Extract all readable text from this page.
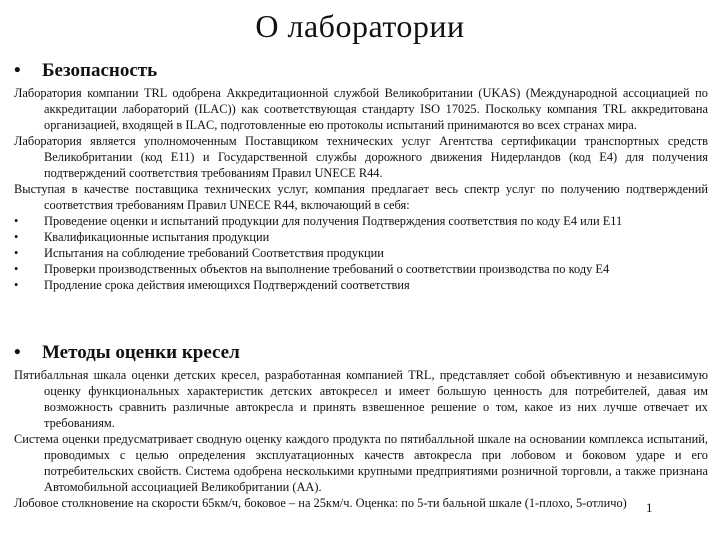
О лаборатории
• Безопасность

Лаборатория компании TRL одобрена Аккредитационной службой Великобритании (UKAS) (Международной ассоциацией по аккредитации лабораторий (ILAC)) как соответствующая стандарту ISO 17025. Поскольку компания TRL аккредитована организацией, входящей в ILAC, подготовленные ею протоколы испытаний принимаются во всех странах мира.

Лаборатория является уполномоченным Поставщиком технических услуг Агентства сертификации транспортных средств Великобритании (код E11) и Государственной службы дорожного движения Нидерландов (код E4) для получения подтверждений соответствия требованиям Правил UNECE R44.

Выступая в качестве поставщика технических услуг, компания предлагает весь спектр услуг по получению подтверждений соответствия требованиям Правил UNECE R44, включающий в себя:

• Проведение оценки и испытаний продукции для получения Подтверждения соответствия по коду E4 или E11
• Квалификационные испытания продукции
• Испытания на соблюдение требований Соответствия продукции
• Проверки производственных объектов на выполнение требований о соответствии производства по коду E4
• Продление срока действия имеющихся Подтверждений соответствия
• Методы оценки кресел

Пятибалльная шкала оценки детских кресел, разработанная компанией TRL, представляет собой объективную и независимую оценку функциональных характеристик детских автокресел и имеет большую ценность для потребителей, давая им возможность сравнить различные автокресла и принять взвешенное решение о том, какое из них лучше отвечает их требованиям.

Система оценки предусматривает сводную оценку каждого продукта по пятибалльной шкале на основании комплекса испытаний, проводимых с целью определения эксплуатационных качеств автокресла при лобовом и боковом ударе и его потребительских свойств. Система одобрена несколькими крупными предприятиями розничной торговли, а также признана Автомобильной ассоциацией Великобритании (AA).

Лобовое столкновение на скорости 65км/ч, боковое – на 25км/ч. Оценка: по 5-ти бальной шкале (1-плохо, 5-отличо)	1
